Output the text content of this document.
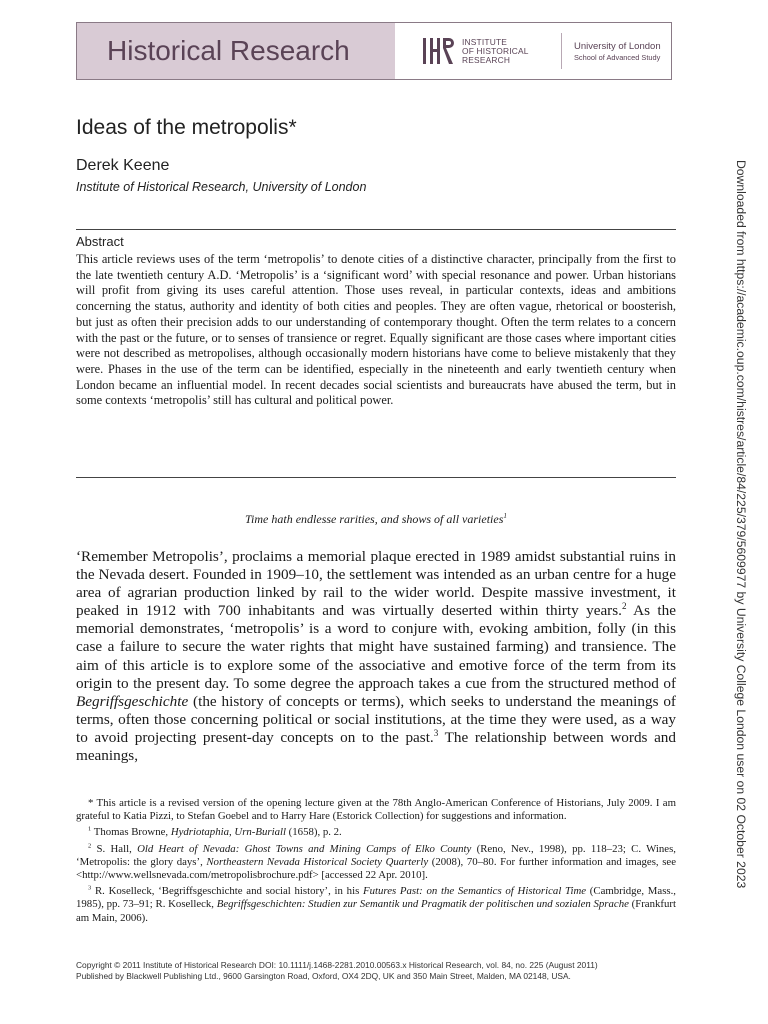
Historical Research	INSTITUTE
OF HISTORICAL
RESEARCH
University of London
School of Advanced Study
Ideas of the metropolis*
Derek Keene
Institute of Historical Research, University of London
Abstract

This article reviews uses of the term ‘metropolis’ to denote cities of a distinctive character, principally from the first to the late twentieth century A.D. ‘Metropolis’ is a ‘significant word’ with special resonance and power. Urban historians will profit from giving its uses careful attention. Those uses reveal, in particular contexts, ideas and ambitions concerning the status, authority and identity of both cities and peoples. They are often vague, rhetorical or boosterish, but just as often their precision adds to our understanding of contemporary thought. Often the term relates to a concern with the past or the future, or to senses of transience or regret. Equally significant are those cases where important cities were not described as metropolises, although occasionally modern historians have come to believe mistakenly that they were. Phases in the use of the term can be identified, especially in the nineteenth and early twentieth century when London became an influential model. In recent decades social scientists and bureaucrats have abused the term, but in some contexts ‘metropolis’ still has cultural and political power.

Time hath endlesse rarities, and shows of all varieties$^1$

‘Remember Metropolis’, proclaims a memorial plaque erected in 1989 amidst substantial ruins in the Nevada desert. Founded in 1909–10, the settlement was intended as an urban centre for a huge area of agrarian production linked by rail to the wider world. Despite massive investment, it peaked in 1912 with 700 inhabitants and was virtually deserted within thirty years.$^2$ As the memorial demonstrates, ‘metropolis’ is a word to conjure with, evoking ambition, folly (in this case a failure to secure the water rights that might have sustained farming) and transience. The aim of this article is to explore some of the associative and emotive force of the term from its origin to the present day. To some degree the approach takes a cue from the structured method of Begriffsgeschichte (the history of concepts or terms), which seeks to understand the meanings of terms, often those concerning political or social institutions, at the time they were used, as a way to avoid projecting present-day concepts on to the past.$^3$ The relationship between words and meanings,

* This article is a revised version of the opening lecture given at the 78th Anglo-American Conference of Historians, July 2009. I am grateful to Katia Pizzi, to Stefan Goebel and to Harry Hare (Estorick Collection) for suggestions and information.

$^1$ Thomas Browne, Hydriotaphia, Urn-Buriall (1658), p. 2.

$^2$ S. Hall, Old Heart of Nevada: Ghost Towns and Mining Camps of Elko County (Reno, Nev., 1998), pp. 118–23; C. Wines, ‘Metropolis: the glory days’, Northeastern Nevada Historical Society Quarterly (2008), 70–80. For further information and images, see <http://www.wellsnevada.com/metropolisbrochure.pdf> [accessed 22 Apr. 2010].

$^3$ R. Koselleck, ‘Begriffsgeschichte and social history’, in his Futures Past: on the Semantics of Historical Time (Cambridge, Mass., 1985), pp. 73–91; R. Koselleck, Begriffsgeschichten: Studien zur Semantik und Pragmatik der politischen und sozialen Sprache (Frankfurt am Main, 2006).

Copyright © 2011 Institute of Historical Research DOI: 10.1111/j.1468-2281.2010.00563.x Historical Research, vol. 84, no. 225 (August 2011)
Published by Blackwell Publishing Ltd., 9600 Garsington Road, Oxford, OX4 2DQ, UK and 350 Main Street, Malden, MA 02148, USA.
Downloaded from https://academic.oup.com/histres/article/84/225/379/5609977 by University College London user on 02 October 2023
